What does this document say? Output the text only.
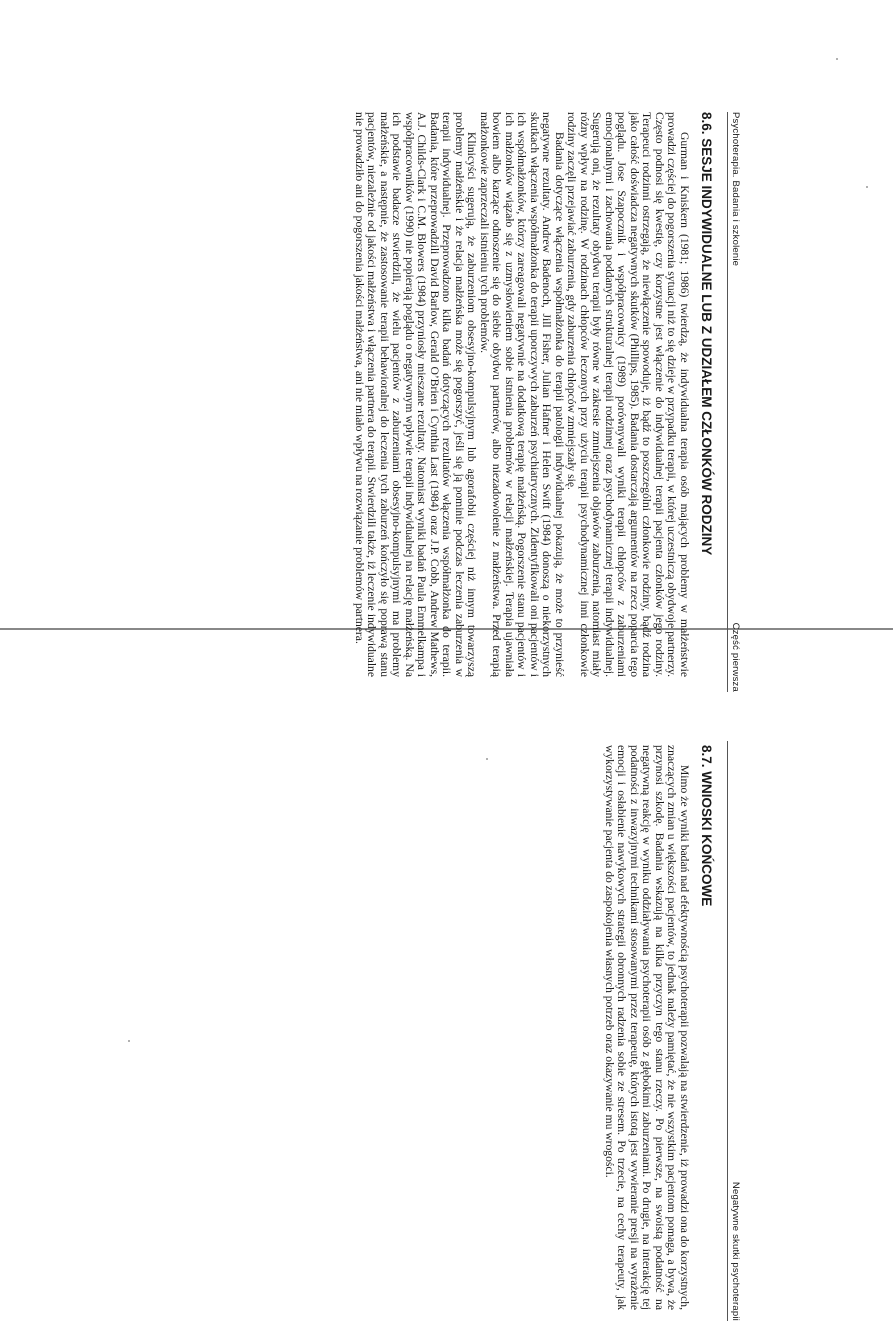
Psychoterapia. Badania i szkolenie
Część pierwsza
8.6. SESJE INDYWIDUALNE LUB Z UDZIAŁEM CZŁONKÓW RODZINY

Gurman i Kniskern (1981; 1986) twierdzą, że indywidualna terapia osób mających problemy w małżeństwie prowadzi częściej do pogorszenia sytuacji niż to się dzieje w przypadku terapii, w której uczestniczą obydwoje partnerzy. Często podnosi się kwestię, czy korzystne jest włączenie do indywidualnej terapii pacjenta członków jego rodziny. Terapeuci rodzinni ostrzegają, że niewłączenie spowoduje, iż bądź to poszczególni członkowie rodziny, bądź rodzina jako całość doświadcza negatywnych skutków (Phillips, 1985). Badania dostarczają argumentów na rzecz poparcia tego poglądu. Jose Szapocznik i współpracownicy (1989) porównywali wyniki terapii chłopców z zaburzeniami emocjonalnymi i zachowania poddanych strukturalnej terapii rodzinnej oraz psychodynamicznej terapii indywidualnej. Sugerują oni, że rezultaty obydwu terapii były równe w zakresie zmniejszenia objawów zaburzenia, natomiast miały różny wpływ na rodzinę. W rodzinach chłopców leczonych przy użyciu terapii psychodynamicznej inni członkowie rodziny zaczęli przejawiać zaburzenia, gdy zaburzenia chłopców zmniejszały się.

Badania dotyczące włączenia współmałżonka do terapii patologii indywidualnej pokazują, że może to przynieść negatywne rezultaty. Andrew Badenoch, Jill Fisher, Julian Hafner i Helen Swift (1984) donoszą o niekorzystnych skutkach włączenia współmałżonka do terapii uporczywych zaburzeń psychiatrycznych. Zidentyfikowali oni pacjentów i ich współmałżonków, którzy zareagowali negatywnie na dodatkową terapię małżeńską. Pogorszenie stanu pacjentów i ich małżonków wiązało się z uzmysłowieniem sobie istnienia problemów w relacji małżeńskiej. Terapia ujawniała bowiem albo karzące odnoszenie się do siebie obydwu partnerów, albo niezadowolenie z małżeństwa. Przed terapią małżonkowie zaprzeczali istnieniu tych problemów.

Klinicyści sugerują, że zaburzeniom obsesyjno-kompulsyjnym lub agorafobii częściej niż innym towarzyszą problemy małżeńskie i że relacja małżeńska może się pogorszyć, jeśli się ją pominie podczas leczenia zaburzenia w terapii indywidualnej. Przeprowadzono kilka badań dotyczących rezultatów włączenia współmałżonka do terapii. Badania, które przeprowadzili David Barlow, Gerald O’Brien i Cynthia Last (1984) oraz J.P. Cobb, Andrew Mathews, A.J. Childs-Clark i C.M. Blowers (1984) przyniosły mieszane rezultaty. Natomiast wyniki badań Paula Emmelkampa i współpracowników (1990) nie popierają poglądu o negatywnym wpływie terapii indywidualnej na relację małżeńską. Na ich podstawie badacze stwierdzili, że wielu pacjentów z zaburzeniami obsesyjno-kompulsyjnymi ma problemy małżeńskie, a następnie, że zastosowanie terapii behawioralnej do leczenia tych zaburzeń kończyło się poprawą stanu pacjentów, niezależnie od jakości małżeństwa i włączenia partnera do terapii. Stwierdzili także, iż leczenie indywidualne nie prowadziło ani do pogorszenia jakości małżeństwa, ani nie miało wpływu na rozwiązanie problemów partnera.

Negatywne skutki psychoterapii
8.7. WNIOSKI KOŃCOWE

Mimo że wyniki badań nad efektywnością psychoterapii pozwalają na stwierdzenie, iż prowadzi ona do korzystnych, znaczących zmian u większości pacjentów, to jednak należy pamiętać, że nie wszystkim pacjentom pomaga, a bywa, że przynosi szkodę. Badania wskazują na kilka przyczyn tego stanu rzeczy. Po pierwsze, na swoistą podatność na negatywną reakcję w wyniku oddziaływania psychoterapii osób z głębokimi zaburzeniami. Po drugie, na interakcję tej podatności z inwazyjnymi technikami stosowanymi przez terapeutę, których istotą jest wywieranie presji na wyrażenie emocji i osłabienie nawykowych strategii obronnych radzenia sobie ze stresem. Po trzecie, na cechy terapeuty, jak wykorzystywanie pacjenta do zaspokojenia własnych potrzeb oraz okazywanie mu wrogości.
